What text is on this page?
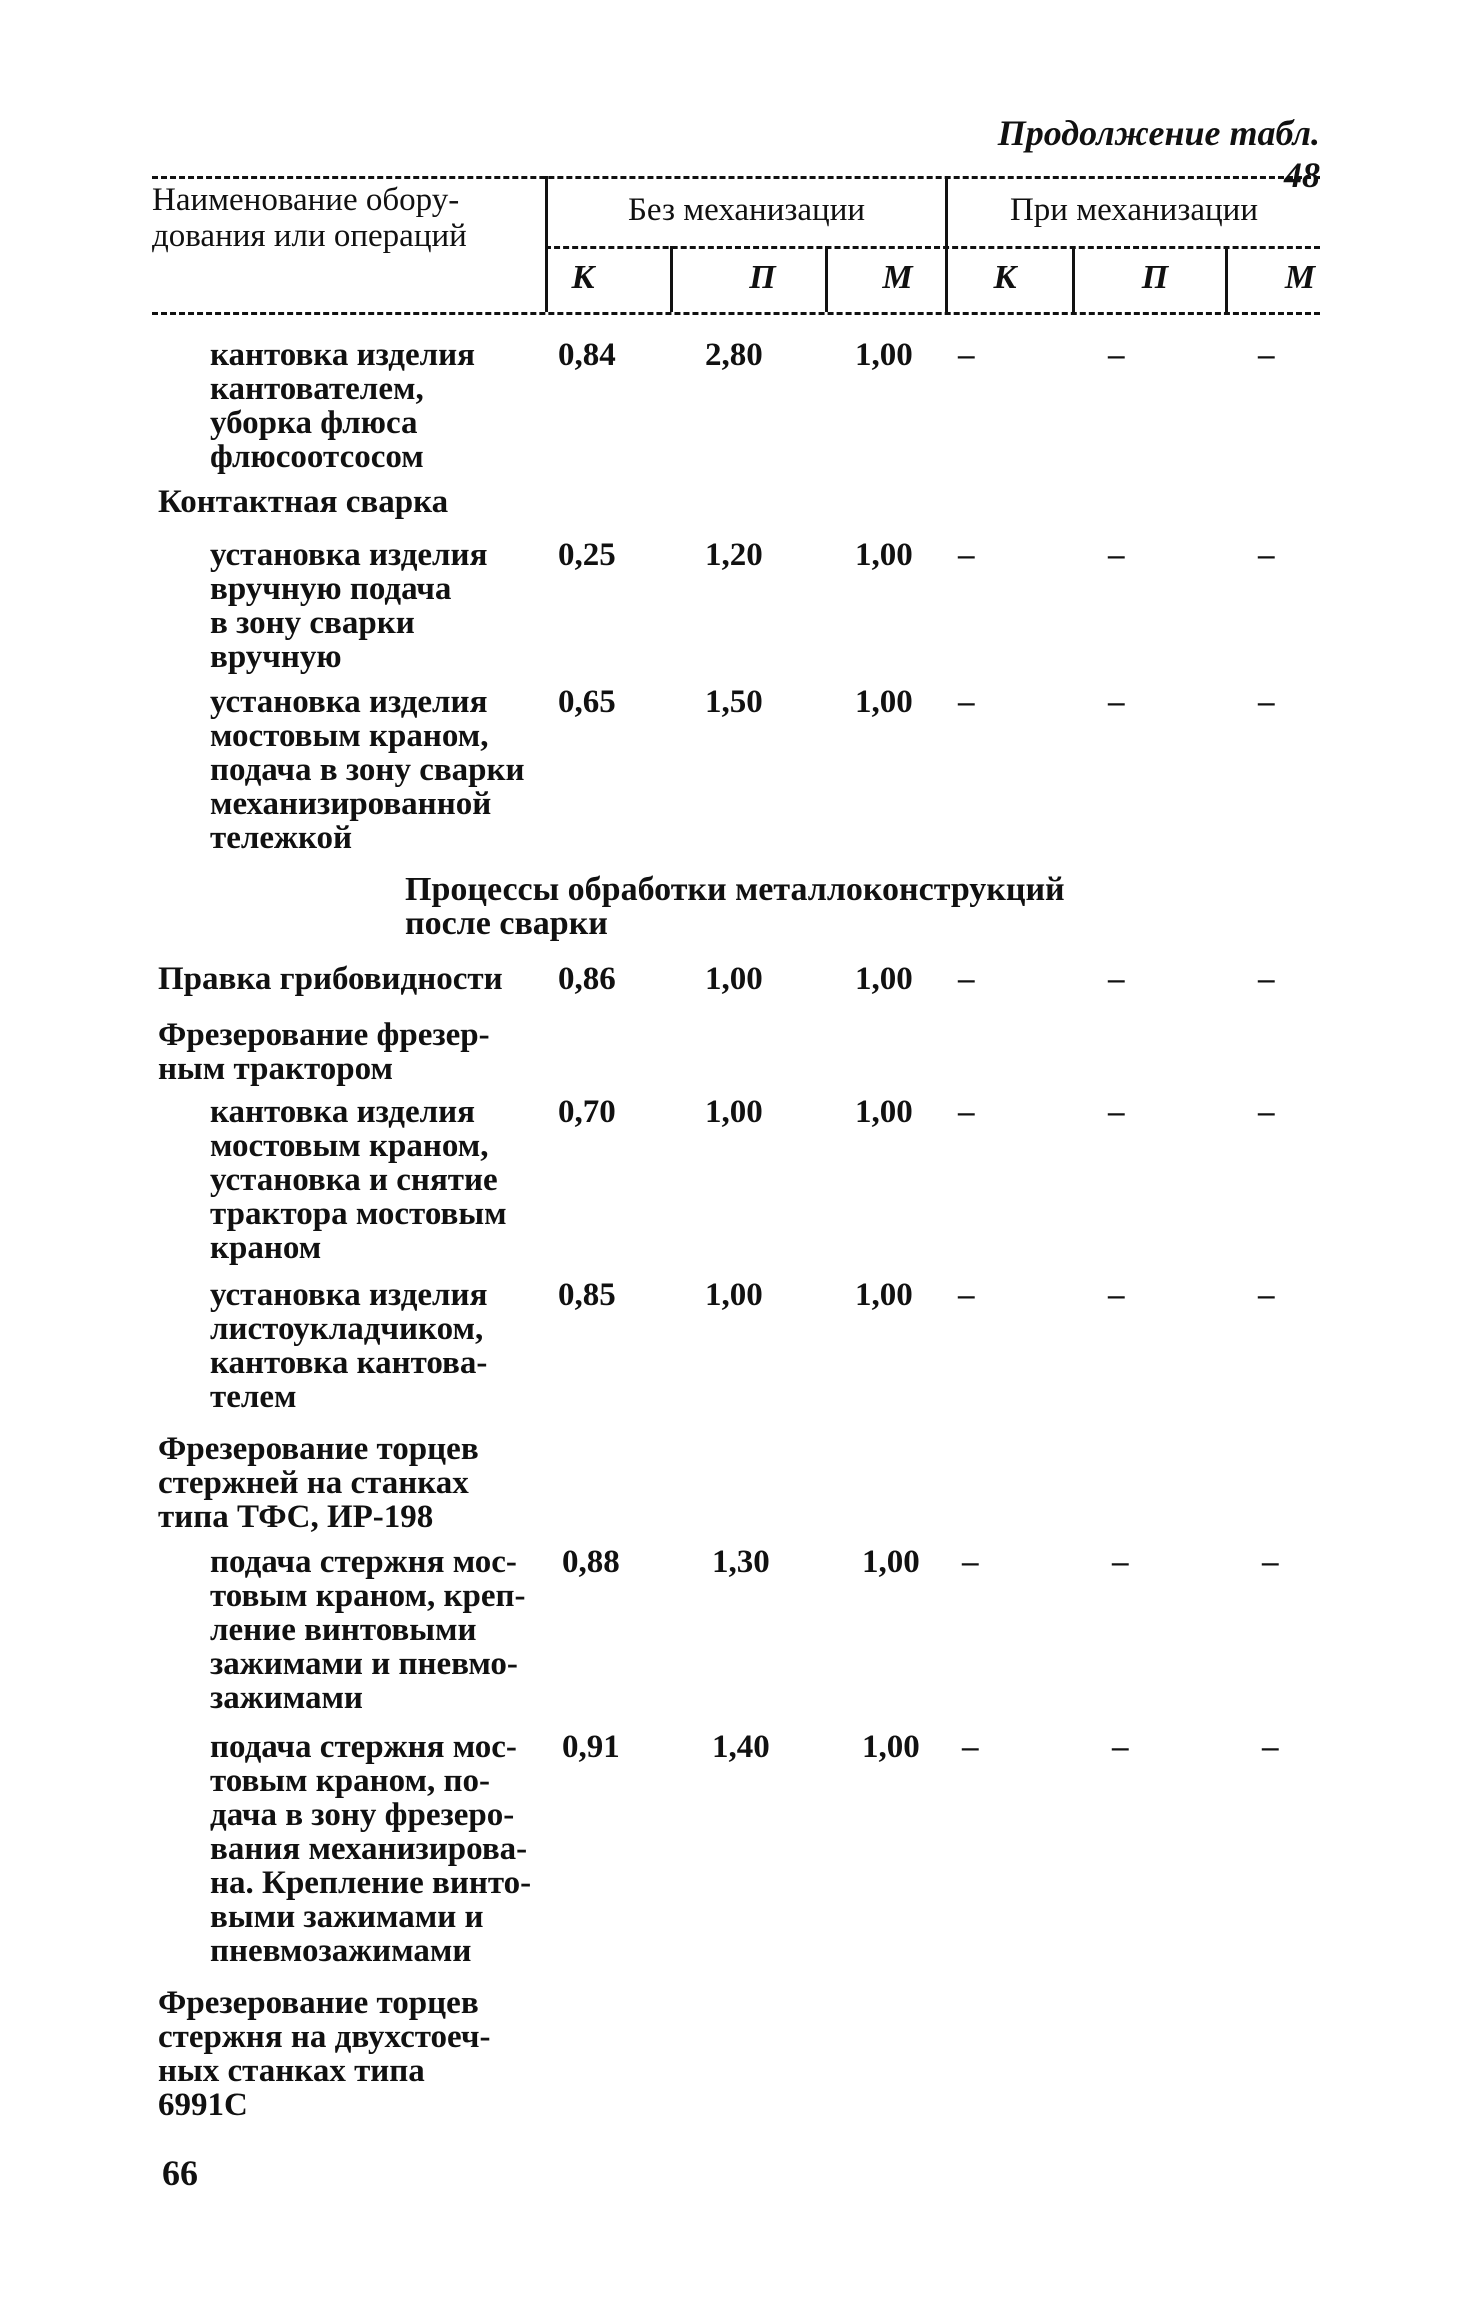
Продолжение табл. 48
Наименование обору-
дования или операций
Без механизации	При механизации
К	П	М	К	П	М
кантовка изделия
кантователем,
уборка флюса
флюсоотсосом
0,84	2,80	1,00 –	–	–
Контактная сварка
установка изделия
вручную подача
в зону сварки
вручную
0,25	1,20	1,00 –	–	–
установка изделия
мостовым краном,
подача в зону сварки
механизированной
тележкой
0,65	1,50	1,00 –	–	–
Процессы обработки металлоконструкций
после сварки
Правка грибовидности	0,86	1,00	1,00 –	–	–
Фрезерование фрезер-
ным трактором
кантовка изделия
мостовым краном,
установка и снятие
трактора мостовым
краном
0,70	1,00	1,00 –	–	–
установка изделия
листоукладчиком,
кантовка кантова-
телем
0,85	1,00	1,00 –	–	–
Фрезерование торцев
стержней на станках
типа ТФС, ИР-198
подача стержня мос-
товым краном, креп-
ление винтовыми
зажимами и пневмо-
зажимами
0,88	1,30	1,00 –	–	–
подача стержня мос-
товым краном, по-
дача в зону фрезеро-
вания механизирова-
на. Крепление винто-
выми зажимами и
пневмозажимами
0,91	1,40	1,00 –	–	–
Фрезерование торцев
стержня на двухстоеч-
ных станках типа
6991С
66
